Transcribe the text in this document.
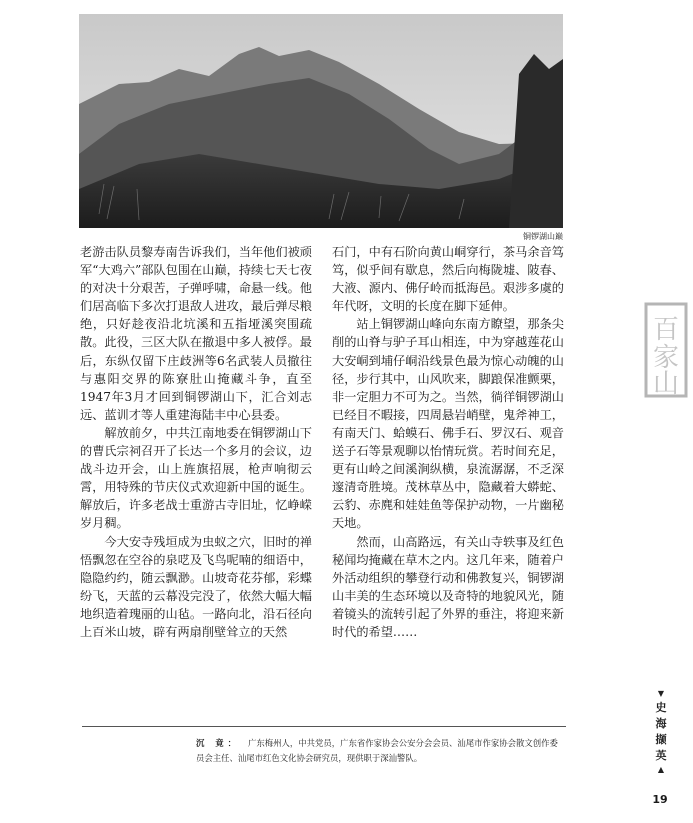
铜锣湖山巅

老游击队员黎寿南告诉我们，当年他们被顽军“大鸡六”部队包围在山巅，持续七天七夜的对决十分艰苦，子弹呼啸，命悬一线。他们居高临下多次打退敌人进攻，最后弹尽粮绝，只好趁夜沿北坑溪和五指垭溪突围疏散。此役，三区大队在撤退中多人被俘。最后，东纵仅留下庄歧洲等6名武装人员撤往与惠阳交界的陈寮肚山掩藏斗争，直至1947年3月才回到铜锣湖山下，汇合刘志远、蓝训才等人重建海陆丰中心县委。

解放前夕，中共江南地委在铜锣湖山下的曹氏宗祠召开了长达一个多月的会议，边战斗边开会，山上旌旗招展，枪声响彻云霄，用特殊的节庆仪式欢迎新中国的诞生。解放后，许多老战士重游古寺旧址，忆峥嵘岁月稠。

今大安寺残垣成为虫蚁之穴，旧时的禅悟飘忽在空谷的泉呓及飞鸟呢喃的细语中，隐隐约约，随云飘渺。山坡奇花芬郁，彩蝶纷飞，天蓝的云幕没完没了，依然大幅大幅地织造着瑰丽的山毡。一路向北，沿石径向上百米山坡，辟有两扇削壁耸立的天然

石门，中有石阶向黄山峒穿行，茶马余音笃笃，似乎间有歇息，然后向梅陇墟、陂春、大液、源内、佛仔岭而抵海邑。艰涉多虞的年代呀，文明的长度在脚下延伸。

站上铜锣湖山峰向东南方瞭望，那条尖削的山脊与驴子耳山相连，中为穿越莲花山大安峒到埔仔峒沿线景色最为惊心动魄的山径，步行其中，山风吹来，脚踉保准颤栗，非一定胆力不可为之。当然，徜徉铜锣湖山已经目不暇接，四周悬岩峭壁，鬼斧神工，有南天门、蛤蟆石、佛手石、罗汉石、观音送子石等景观聊以怡情玩赏。若时间充足，更有山岭之间溪涧纵横，泉流潺潺，不乏深邃清奇胜境。茂林草丛中，隐藏着大蟒蛇、云豹、赤麂和娃娃鱼等保护动物，一片幽秘天地。

然而，山高路远，有关山寺轶事及红色秘闻均掩藏在草木之内。这几年来，随着户外活动组织的攀登行动和佛教复兴，铜锣湖山丰美的生态环境以及奇特的地貌风光，随着镜头的流转引起了外界的垂注，将迎来新时代的希望……

沉 竟： 广东梅州人，中共党员，广东省作家协会公安分会会员、汕尾市作家协会散文创作委员会主任、汕尾市红色文化协会研究员，现供职于深汕警队。
百
家
山
▼
史
海
撷
英
▲
19
